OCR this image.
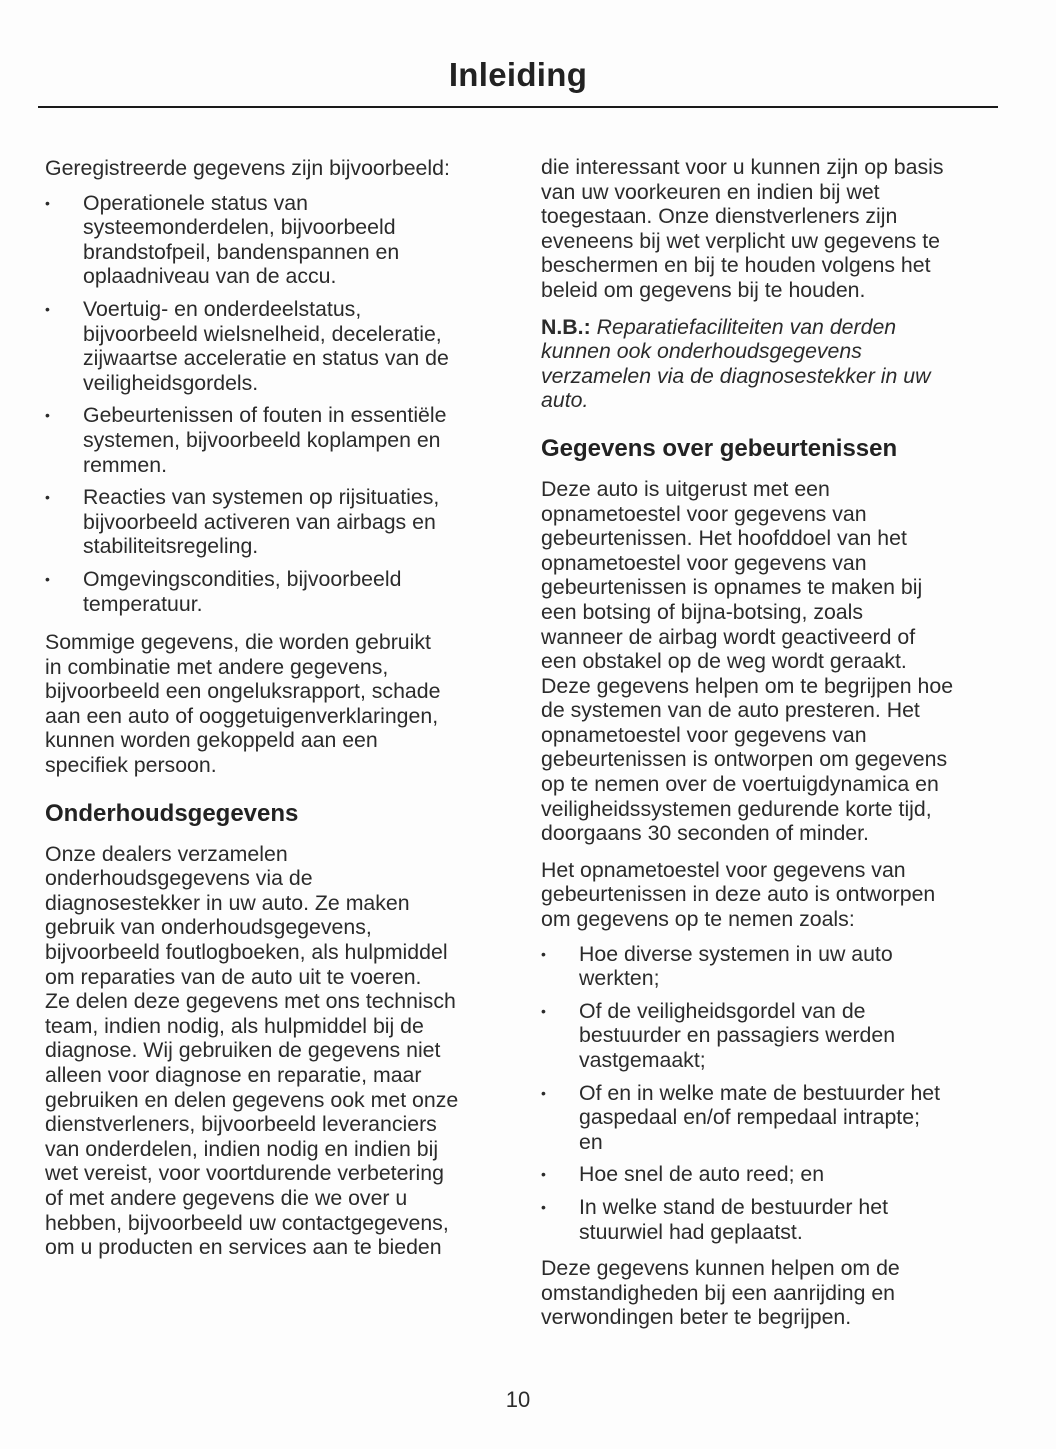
Inleiding

Geregistreerde gegevens zijn bijvoorbeeld:

• Operationele status van
systeemonderdelen, bijvoorbeeld
brandstofpeil, bandenspannen en
oplaadniveau van de accu.
• Voertuig- en onderdeelstatus,
bijvoorbeeld wielsnelheid, deceleratie,
zijwaartse acceleratie en status van de
veiligheidsgordels.
• Gebeurtenissen of fouten in essentiële
systemen, bijvoorbeeld koplampen en
remmen.
• Reacties van systemen op rijsituaties,
bijvoorbeeld activeren van airbags en
stabiliteitsregeling.
• Omgevingscondities, bijvoorbeeld
temperatuur.

Sommige gegevens, die worden gebruikt
in combinatie met andere gegevens,
bijvoorbeeld een ongeluksrapport, schade
aan een auto of ooggetuigenverklaringen,
kunnen worden gekoppeld aan een
specifiek persoon.

Onderhoudsgegevens

Onze dealers verzamelen
onderhoudsgegevens via de
diagnosestekker in uw auto. Ze maken
gebruik van onderhoudsgegevens,
bijvoorbeeld foutlogboeken, als hulpmiddel
om reparaties van de auto uit te voeren.
Ze delen deze gegevens met ons technisch
team, indien nodig, als hulpmiddel bij de
diagnose. Wij gebruiken de gegevens niet
alleen voor diagnose en reparatie, maar
gebruiken en delen gegevens ook met onze
dienstverleners, bijvoorbeeld leveranciers
van onderdelen, indien nodig en indien bij
wet vereist, voor voortdurende verbetering
of met andere gegevens die we over u
hebben, bijvoorbeeld uw contactgegevens,
om u producten en services aan te bieden

die interessant voor u kunnen zijn op basis
van uw voorkeuren en indien bij wet
toegestaan. Onze dienstverleners zijn
eveneens bij wet verplicht uw gegevens te
beschermen en bij te houden volgens het
beleid om gegevens bij te houden.

N.B.: Reparatiefaciliteiten van derden
kunnen ook onderhoudsgegevens
verzamelen via de diagnosestekker in uw
auto.

Gegevens over gebeurtenissen

Deze auto is uitgerust met een
opnametoestel voor gegevens van
gebeurtenissen. Het hoofddoel van het
opnametoestel voor gegevens van
gebeurtenissen is opnames te maken bij
een botsing of bijna-botsing, zoals
wanneer de airbag wordt geactiveerd of
een obstakel op de weg wordt geraakt.
Deze gegevens helpen om te begrijpen hoe
de systemen van de auto presteren. Het
opnametoestel voor gegevens van
gebeurtenissen is ontworpen om gegevens
op te nemen over de voertuigdynamica en
veiligheidssystemen gedurende korte tijd,
doorgaans 30 seconden of minder.

Het opnametoestel voor gegevens van
gebeurtenissen in deze auto is ontworpen
om gegevens op te nemen zoals:

• Hoe diverse systemen in uw auto
werkten;
• Of de veiligheidsgordel van de
bestuurder en passagiers werden
vastgemaakt;
• Of en in welke mate de bestuurder het
gaspedaal en/of rempedaal intrapte;
en
• Hoe snel de auto reed; en
• In welke stand de bestuurder het
stuurwiel had geplaatst.

Deze gegevens kunnen helpen om de
omstandigheden bij een aanrijding en
verwondingen beter te begrijpen.

10
